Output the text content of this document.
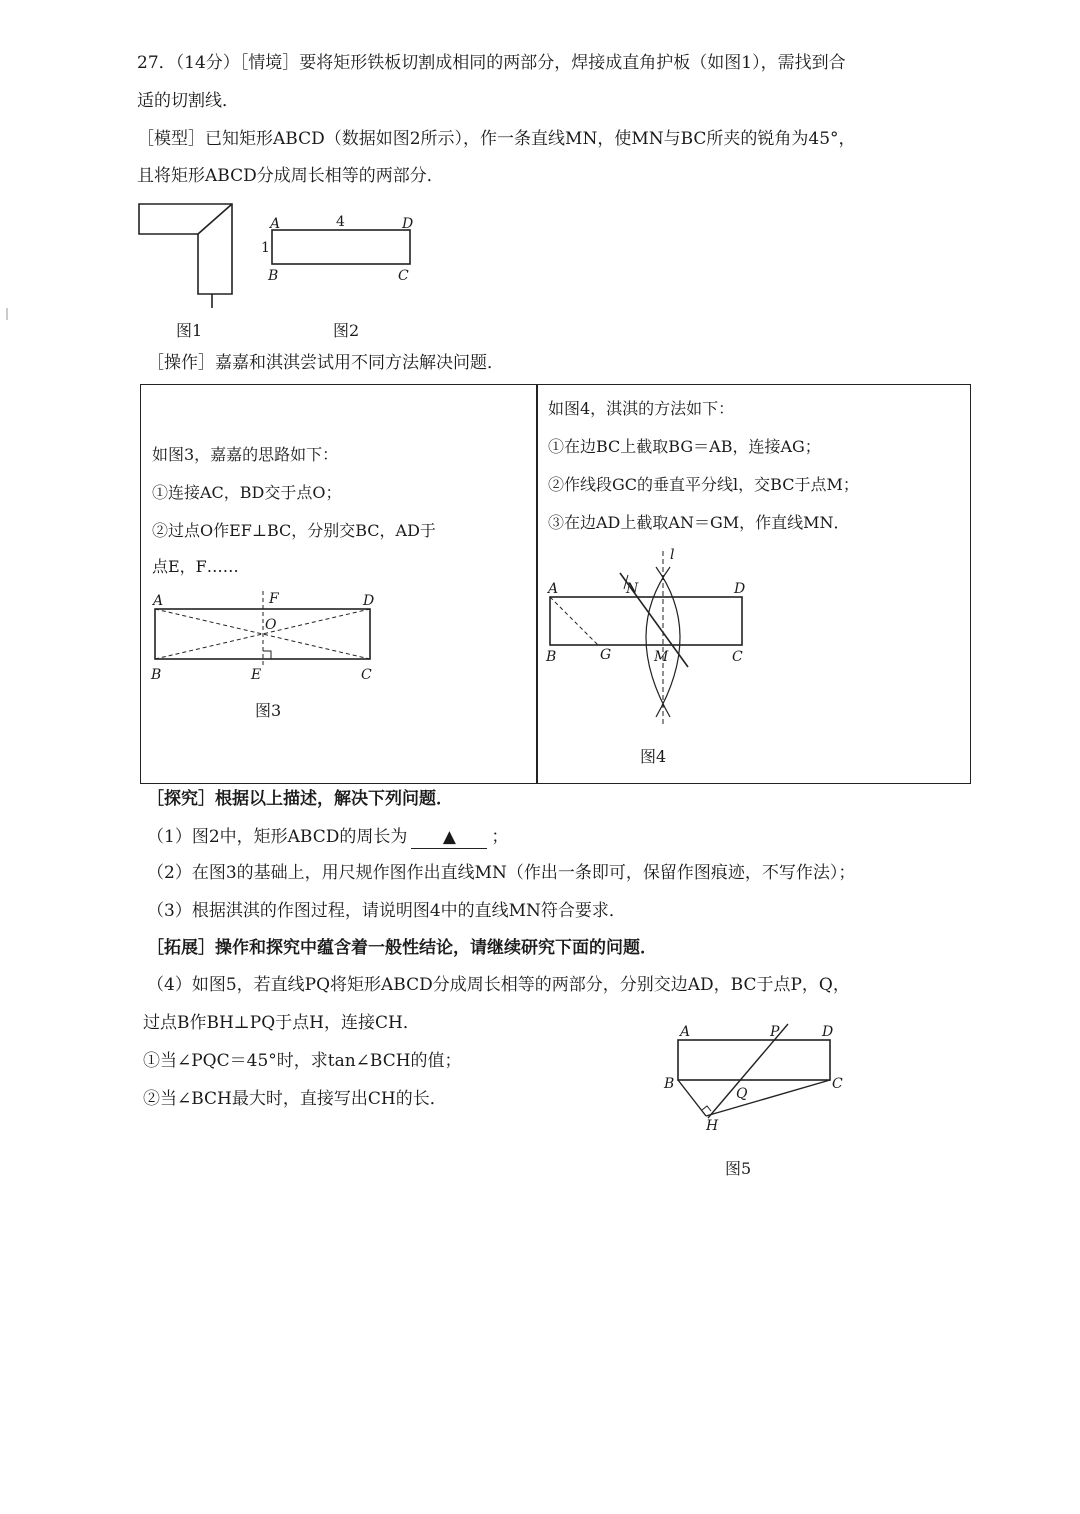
27．（14分）［情境］要将矩形铁板切割成相同的两部分，焊接成直角护板（如图1），需找到合
适的切割线．
［模型］已知矩形ABCD（数据如图2所示），作一条直线MN，使MN与BC所夹的锐角为45°，
且将矩形ABCD分成周长相等的两部分．
图1
A	D
B	C
4
1
图2
［操作］嘉嘉和淇淇尝试用不同方法解决问题．
如图3，嘉嘉的思路如下：
①连接AC，BD交于点O；
②过点O作EF⊥BC，分别交BC，AD于
点E，F……
A	D
B	C
E
F
O
图3
如图4，淇淇的方法如下：
①在边BC上截取BG＝AB，连接AG；
②作线段GC的垂直平分线l，交BC于点M；
③在边AD上截取AN＝GM，作直线MN．
A	D
B	C
G	M
N
l
图4
［探究］根据以上描述，解决下列问题．
（1）图2中，矩形ABCD的周长为 ▲ ；
（2）在图3的基础上，用尺规作图作出直线MN（作出一条即可，保留作图痕迹，不写作法）；
（3）根据淇淇的作图过程，请说明图4中的直线MN符合要求．
［拓展］操作和探究中蕴含着一般性结论，请继续研究下面的问题．
（4）如图5，若直线PQ将矩形ABCD分成周长相等的两部分，分别交边AD，BC于点P，Q，
过点B作BH⊥PQ于点H，连接CH．
①当∠PQC＝45°时，求tan∠BCH的值；
②当∠BCH最大时，直接写出CH的长．
A	D
B	C
P
Q
H
图5
